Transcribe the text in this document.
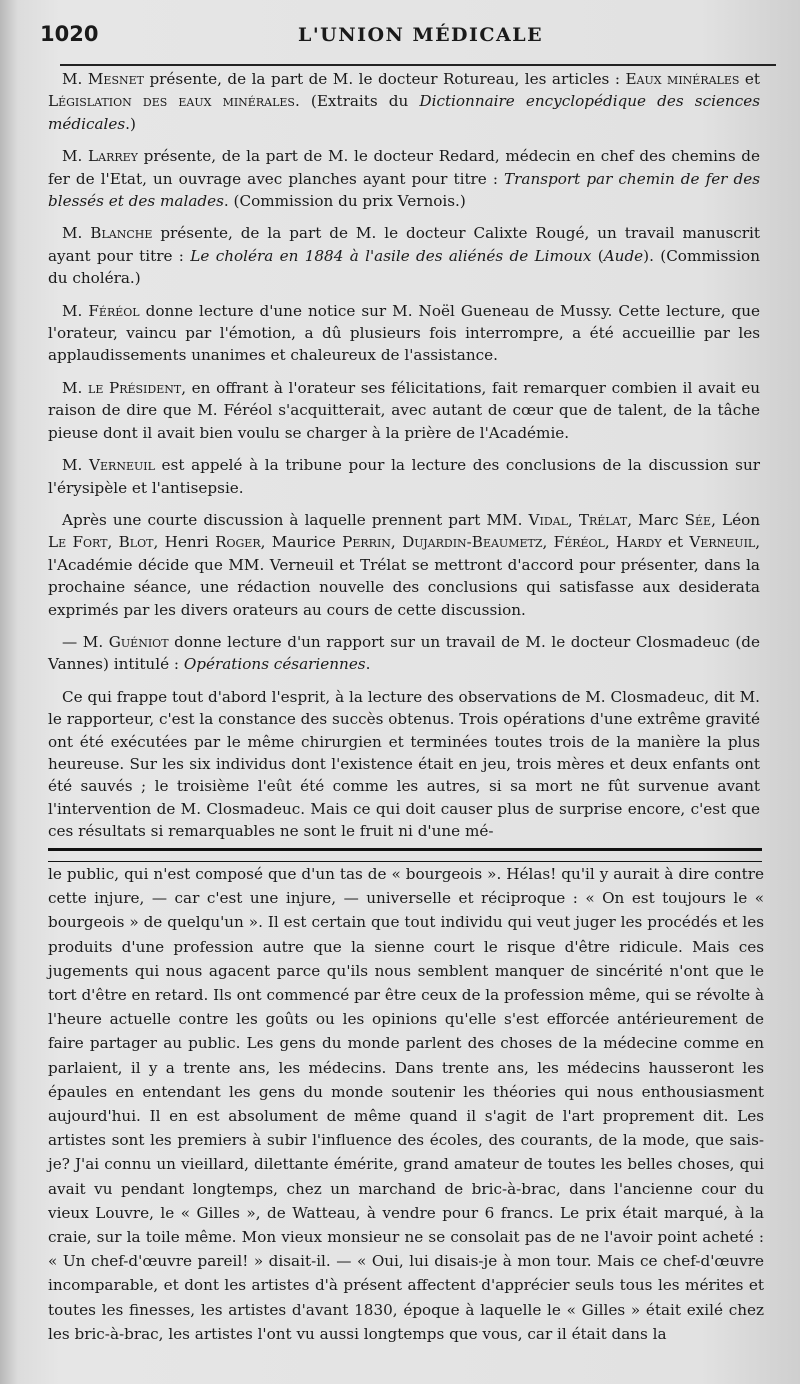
1020	L'UNION MÉDICALE

M. Mesnet présente, de la part de M. le docteur Rotureau, les articles : Eaux minérales et Législation des eaux minérales. (Extraits du Dictionnaire encyclopédique des sciences médicales.)

M. Larrey présente, de la part de M. le docteur Redard, médecin en chef des chemins de fer de l'Etat, un ouvrage avec planches ayant pour titre : Transport par chemin de fer des blessés et des malades. (Commission du prix Vernois.)

M. Blanche présente, de la part de M. le docteur Calixte Rougé, un travail manuscrit ayant pour titre : Le choléra en 1884 à l'asile des aliénés de Limoux (Aude). (Commission du choléra.)

M. Féréol donne lecture d'une notice sur M. Noël Gueneau de Mussy. Cette lecture, que l'orateur, vaincu par l'émotion, a dû plusieurs fois interrompre, a été accueillie par les applaudissements unanimes et chaleureux de l'assistance.

M. le Président, en offrant à l'orateur ses félicitations, fait remarquer combien il avait eu raison de dire que M. Féréol s'acquitterait, avec autant de cœur que de talent, de la tâche pieuse dont il avait bien voulu se charger à la prière de l'Académie.

M. Verneuil est appelé à la tribune pour la lecture des conclusions de la discussion sur l'érysipèle et l'antisepsie.

Après une courte discussion à laquelle prennent part MM. Vidal, Trélat, Marc Sée, Léon Le Fort, Blot, Henri Roger, Maurice Perrin, Dujardin-Beaumetz, Féréol, Hardy et Verneuil, l'Académie décide que MM. Verneuil et Trélat se mettront d'accord pour présenter, dans la prochaine séance, une rédaction nouvelle des conclusions qui satisfasse aux desiderata exprimés par les divers orateurs au cours de cette discussion.

— M. Guéniot donne lecture d'un rapport sur un travail de M. le docteur Closmadeuc (de Vannes) intitulé : Opérations césariennes.

Ce qui frappe tout d'abord l'esprit, à la lecture des observations de M. Closmadeuc, dit M. le rapporteur, c'est la constance des succès obtenus. Trois opérations d'une extrême gravité ont été exécutées par le même chirurgien et terminées toutes trois de la manière la plus heureuse. Sur les six individus dont l'existence était en jeu, trois mères et deux enfants ont été sauvés ; le troisième l'eût été comme les autres, si sa mort ne fût survenue avant l'intervention de M. Closmadeuc. Mais ce qui doit causer plus de surprise encore, c'est que ces résultats si remarquables ne sont le fruit ni d'une mé-

le public, qui n'est composé que d'un tas de « bourgeois ». Hélas! qu'il y aurait à dire contre cette injure, — car c'est une injure, — universelle et réciproque : « On est toujours le « bourgeois » de quelqu'un ». Il est certain que tout individu qui veut juger les procédés et les produits d'une profession autre que la sienne court le risque d'être ridicule. Mais ces jugements qui nous agacent parce qu'ils nous semblent manquer de sincérité n'ont que le tort d'être en retard. Ils ont commencé par être ceux de la profession même, qui se révolte à l'heure actuelle contre les goûts ou les opinions qu'elle s'est efforcée antérieurement de faire partager au public. Les gens du monde parlent des choses de la médecine comme en parlaient, il y a trente ans, les médecins. Dans trente ans, les médecins hausseront les épaules en entendant les gens du monde soutenir les théories qui nous enthousiasment aujourd'hui. Il en est absolument de même quand il s'agit de l'art proprement dit. Les artistes sont les premiers à subir l'influence des écoles, des courants, de la mode, que sais-je? J'ai connu un vieillard, dilettante émérite, grand amateur de toutes les belles choses, qui avait vu pendant longtemps, chez un marchand de bric-à-brac, dans l'ancienne cour du vieux Louvre, le « Gilles », de Watteau, à vendre pour 6 francs. Le prix était marqué, à la craie, sur la toile même. Mon vieux monsieur ne se consolait pas de ne l'avoir point acheté : « Un chef-d'œuvre pareil! » disait-il. — « Oui, lui disais-je à mon tour. Mais ce chef-d'œuvre incomparable, et dont les artistes d'à présent affectent d'apprécier seuls tous les mérites et toutes les finesses, les artistes d'avant 1830, époque à laquelle le « Gilles » était exilé chez les bric-à-brac, les artistes l'ont vu aussi longtemps que vous, car il était dans la
